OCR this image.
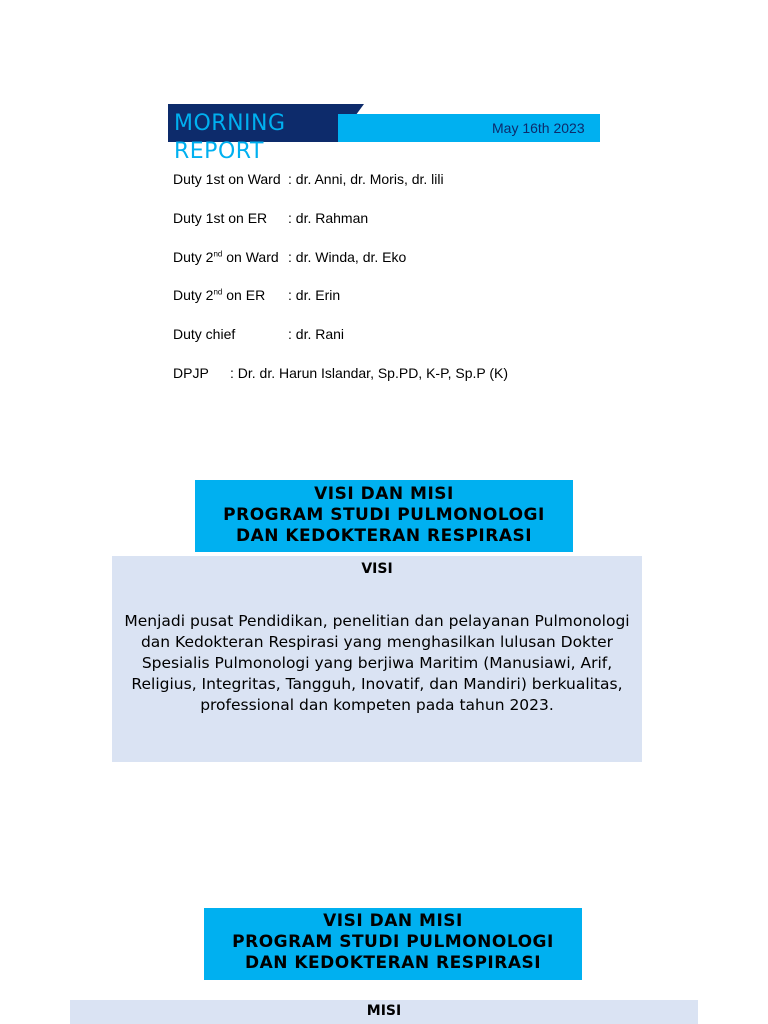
MORNING REPORT
May 16th 2023
Duty 1st on Ward : dr. Anni, dr. Moris, dr. lili
Duty 1st on ER : dr. Rahman
Duty 2nd on Ward : dr. Winda, dr. Eko
Duty 2nd on ER : dr. Erin
Duty chief	: dr. Rani
DPJP : Dr. dr. Harun Islandar, Sp.PD, K-P, Sp.P (K)
VISI DAN MISI
PROGRAM STUDI PULMONOLOGI
DAN KEDOKTERAN RESPIRASI
VISI
Menjadi pusat Pendidikan, penelitian dan pelayanan Pulmonologi
dan Kedokteran Respirasi yang menghasilkan lulusan Dokter
Spesialis Pulmonologi yang berjiwa Maritim (Manusiawi, Arif,
Religius, Integritas, Tangguh, Inovatif, dan Mandiri) berkualitas,
professional dan kompeten pada tahun 2023.
VISI DAN MISI
PROGRAM STUDI PULMONOLOGI
DAN KEDOKTERAN RESPIRASI
MISI
